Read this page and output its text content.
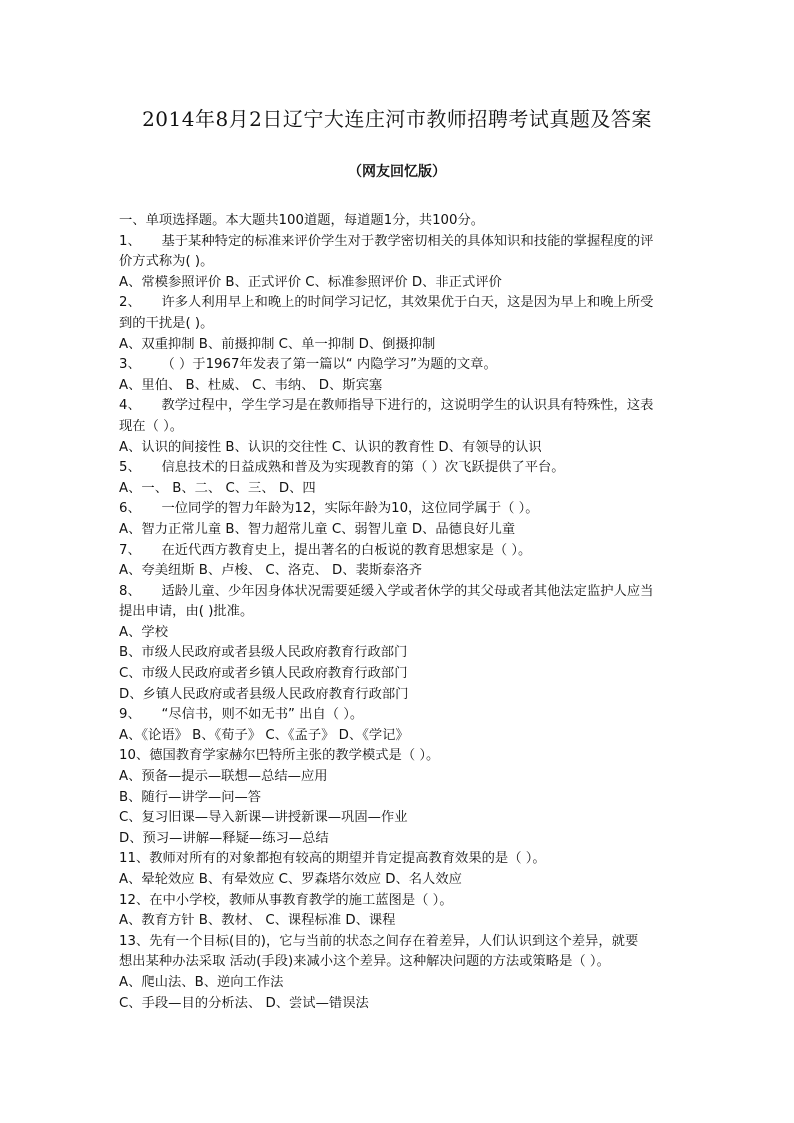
2014年8月2日辽宁大连庄河市教师招聘考试真题及答案
（网友回忆版）
一、单项选择题。本大题共100道题，每道题1分，共100分。
1、 基于某种特定的标准来评价学生对于教学密切相关的具体知识和技能的掌握程度的评
价方式称为( )。
A、常模参照评价 B、正式评价 C、标准参照评价 D、非正式评价
2、 许多人利用早上和晚上的时间学习记忆，其效果优于白天，这是因为早上和晚上所受
到的干扰是( )。
A、双重抑制 B、前摄抑制 C、单一抑制 D、倒摄抑制
3、 （ ）于1967年发表了第一篇以“ 内隐学习”为题的文章。
A、里伯、 B、杜威、 C、韦纳、 D、斯宾塞
4、 教学过程中，学生学习是在教师指导下进行的，这说明学生的认识具有特殊性，这表
现在（ ）。
A、认识的间接性 B、认识的交往性 C、认识的教育性 D、有领导的认识
5、 信息技术的日益成熟和普及为实现教育的第（ ）次飞跃提供了平台。
A、一、 B、二、 C、三、 D、四
6、 一位同学的智力年龄为12，实际年龄为10，这位同学属于（ ）。
A、智力正常儿童 B、智力超常儿童 C、弱智儿童 D、品德良好儿童
7、 在近代西方教育史上，提出著名的白板说的教育思想家是（ ）。
A、夸美纽斯 B、卢梭、 C、洛克、 D、裴斯泰洛齐
8、 适龄儿童、少年因身体状况需要延缓入学或者休学的其父母或者其他法定监护人应当
提出申请，由( )批准。
A、学校
B、市级人民政府或者县级人民政府教育行政部门
C、市级人民政府或者乡镇人民政府教育行政部门
D、乡镇人民政府或者县级人民政府教育行政部门
9、 “尽信书，则不如无书” 出自（ ）。
A、《论语》 B、《荀子》 C、《孟子》 D、《学记》
10、德国教育学家赫尔巴特所主张的教学模式是（ ）。
A、预备—提示—联想—总结—应用
B、随行—讲学—问—答
C、复习旧课—导入新课—讲授新课—巩固—作业
D、预习—讲解—释疑—练习—总结
11、教师对所有的对象都抱有较高的期望并肯定提高教育效果的是（ ）。
A、晕轮效应 B、有晕效应 C、罗森塔尔效应 D、名人效应
12、在中小学校，教师从事教育教学的施工蓝图是（ ）。
A、教育方针 B、教材、 C、课程标准 D、课程
13、先有一个目标(目的)，它与当前的状态之间存在着差异，人们认识到这个差异，就要
想出某种办法采取 活动(手段)来减小这个差异。这种解决问题的方法或策略是（ ）。
A、爬山法、B、逆向工作法
C、手段—目的分析法、 D、尝试—错误法
